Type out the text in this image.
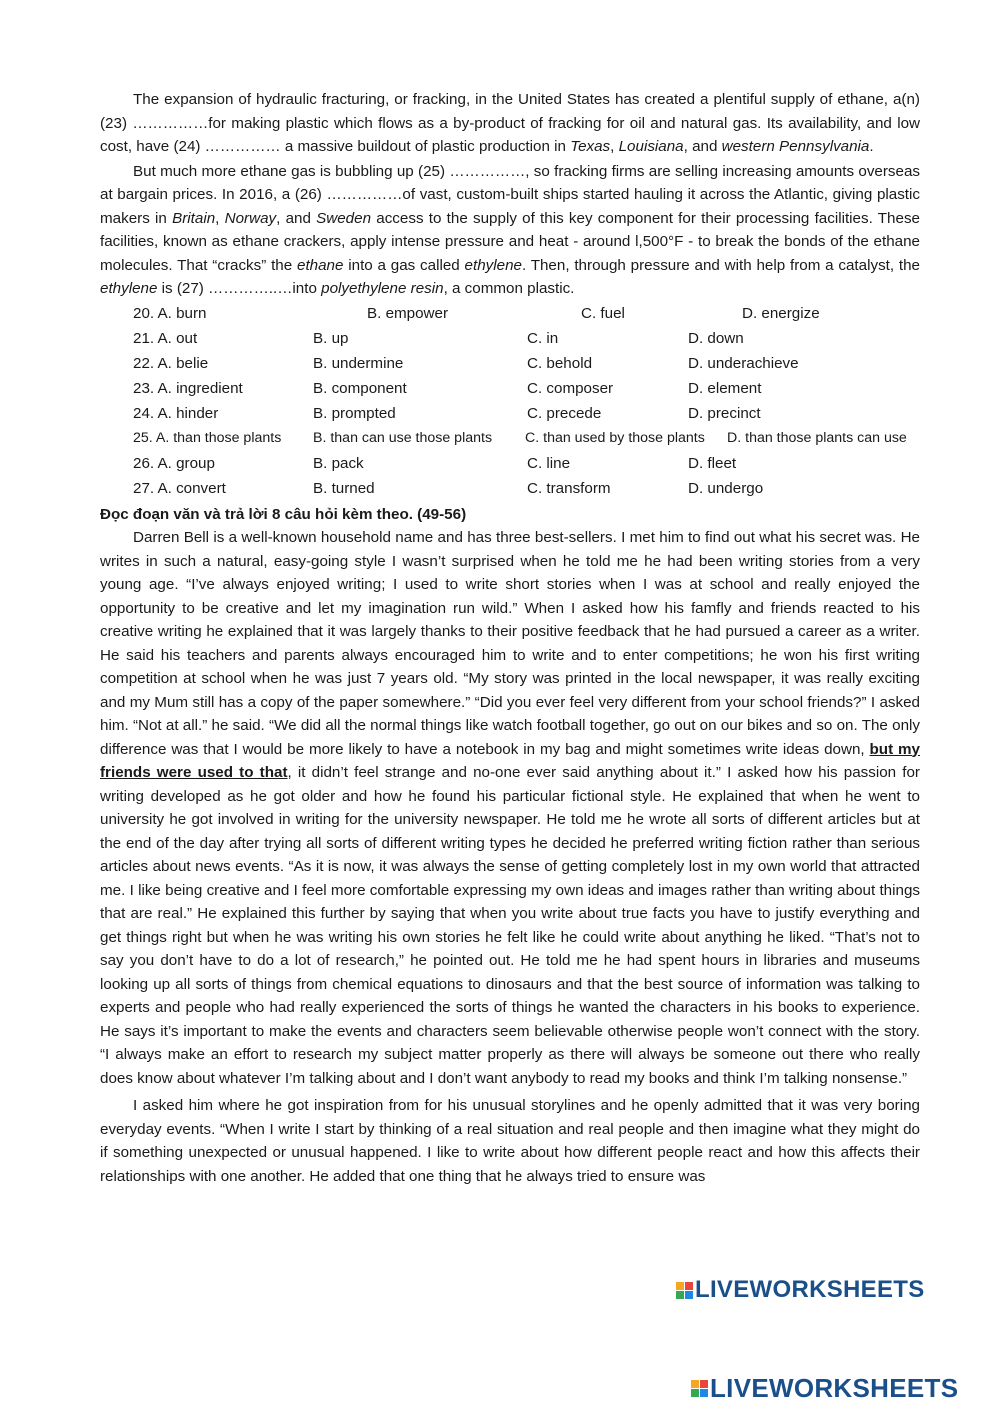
The expansion of hydraulic fracturing, or fracking, in the United States has created a plentiful supply of ethane, a(n) (23) ……………for making plastic which flows as a by-product of fracking for oil and natural gas. Its availability, and low cost, have (24) …………… a massive buildout of plastic production in Texas, Louisiana, and western Pennsylvania.

But much more ethane gas is bubbling up (25) ……………, so fracking firms are selling increasing amounts overseas at bargain prices. In 2016, a (26) ……………of vast, custom-built ships started hauling it across the Atlantic, giving plastic makers in Britain, Norway, and Sweden access to the supply of this key component for their processing facilities. These facilities, known as ethane crackers, apply intense pressure and heat - around l,500°F - to break the bonds of the ethane molecules. That “cracks” the ethane into a gas called ethylene. Then, through pressure and with help from a catalyst, the ethylene is (27) …………..…into polyethylene resin, a common plastic.

20. A. burn	B. empower	C. fuel	D. energize
21. A. out	B. up	C. in	D. down
22. A. belie	B. undermine	C. behold	D. underachieve
23. A. ingredient	B. component	C. composer	D. element
24. A. hinder	B. prompted	C. precede	D. precinct
25. A. than those plants B. than can use those plants C. than used by those plants D. than those plants can use
26. A. group	B. pack	C. line	D. fleet
27. A. convert	B. turned	C. transform	D. undergo

Đọc đoạn văn và trả lời 8 câu hỏi kèm theo. (49-56)

Darren Bell is a well-known household name and has three best-sellers. I met him to find out what his secret was. He writes in such a natural, easy-going style I wasn’t surprised when he told me he had been writing stories from a very young age. “I’ve always enjoyed writing; I used to write short stories when I was at school and really enjoyed the opportunity to be creative and let my imagination run wild.” When I asked how his famfly and friends reacted to his creative writing he explained that it was largely thanks to their positive feedback that he had pursued a career as a writer. He said his teachers and parents always encouraged him to write and to enter competitions; he won his first writing competition at school when he was just 7 years old. “My story was printed in the local newspaper, it was really exciting and my Mum still has a copy of the paper somewhere.” “Did you ever feel very different from your school friends?” I asked him. “Not at all.” he said. “We did all the normal things like watch football together, go out on our bikes and so on. The only difference was that I would be more likely to have a notebook in my bag and might sometimes write ideas down, but my friends were used to that, it didn’t feel strange and no-one ever said anything about it.” I asked how his passion for writing developed as he got older and how he found his particular fictional style. He explained that when he went to university he got involved in writing for the university newspaper. He told me he wrote all sorts of different articles but at the end of the day after trying all sorts of different writing types he decided he preferred writing fiction rather than serious articles about news events. “As it is now, it was always the sense of getting completely lost in my own world that attracted me. I like being creative and I feel more comfortable expressing my own ideas and images rather than writing about things that are real.” He explained this further by saying that when you write about true facts you have to justify everything and get things right but when he was writing his own stories he felt like he could write about anything he liked. “That’s not to say you don’t have to do a lot of research,” he pointed out. He told me he had spent hours in libraries and museums looking up all sorts of things from chemical equations to dinosaurs and that the best source of information was talking to experts and people who had really experienced the sorts of things he wanted the characters in his books to experience. He says it’s important to make the events and characters seem believable otherwise people won’t connect with the story. “I always make an effort to research my subject matter properly as there will always be someone out there who really does know about whatever I’m talking about and I don’t want anybody to read my books and think I’m talking nonsense.”

I asked him where he got inspiration from for his unusual storylines and he openly admitted that it was very boring everyday events. “When I write I start by thinking of a real situation and real people and then imagine what they might do if something unexpected or unusual happened. I like to write about how different people react and how this affects their relationships with one another. He added that one thing that he always tried to ensure was

LIVEWORKSHEETS
LIVEWORKSHEETS
